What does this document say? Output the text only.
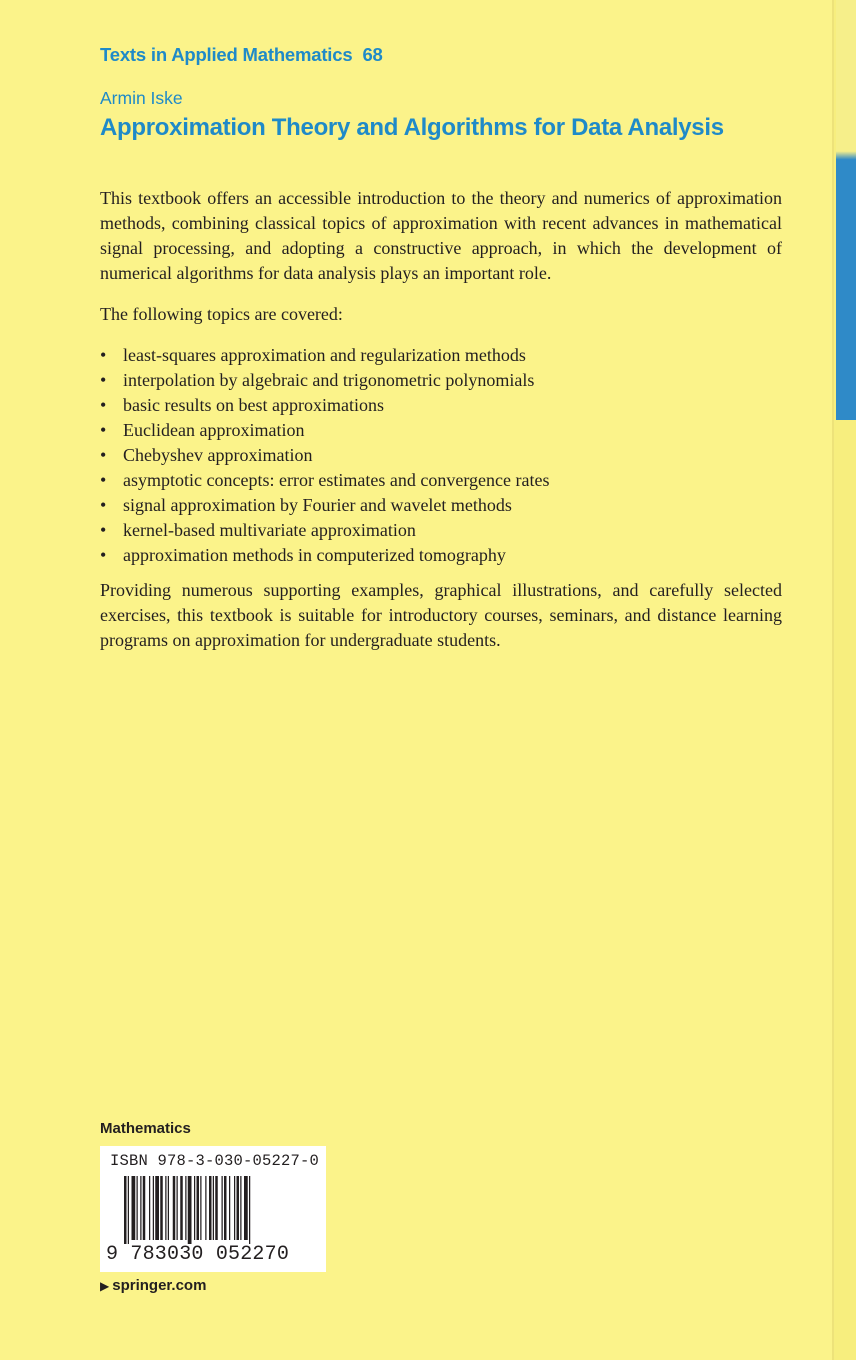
Texts in Applied Mathematics 68
Armin Iske
Approximation Theory and Algorithms for Data Analysis

This textbook offers an accessible introduction to the theory and numerics of approximation methods, combining classical topics of approximation with recent advances in mathematical signal processing, and adopting a constructive approach, in which the development of numerical algorithms for data analysis plays an important role.

The following topics are covered:

• least-squares approximation and regularization methods
• interpolation by algebraic and trigonometric polynomials
• basic results on best approximations
• Euclidean approximation
• Chebyshev approximation
• asymptotic concepts: error estimates and convergence rates
• signal approximation by Fourier and wavelet methods
• kernel-based multivariate approximation
• approximation methods in computerized tomography

Providing numerous supporting examples, graphical illustrations, and carefully selected exercises, this textbook is suitable for introductory courses, seminars, and distance learning programs on approximation for undergraduate students.

Mathematics
ISBN 978-3-030-05227-0
9 783030 052270
▶ springer.com
